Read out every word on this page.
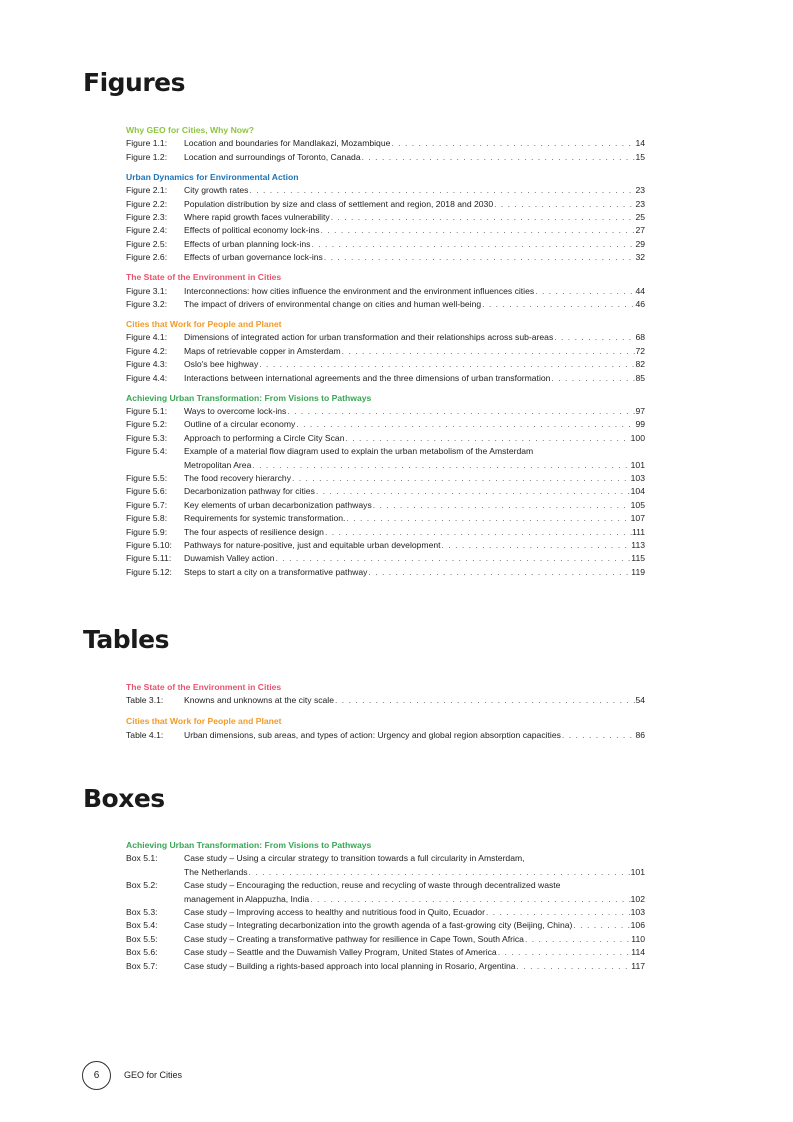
Figures
Why GEO for Cities, Why Now?
Figure 1.1:	Location and boundaries for Mandlakazi, Mozambique . . .	14
Figure 1.2:	Location and surroundings of Toronto, Canada . . .	15
Urban Dynamics for Environmental Action
Figure 2.1:	City growth rates . . .	23
Figure 2.2:	Population distribution by size and class of settlement and region, 2018 and 2030 . . .	23
Figure 2.3:	Where rapid growth faces vulnerability . . .	25
Figure 2.4:	Effects of political economy lock-ins . . .	27
Figure 2.5:	Effects of urban planning lock-ins . . .	29
Figure 2.6:	Effects of urban governance lock-ins . . .	32
The State of the Environment in Cities
Figure 3.1:	Interconnections: how cities influence the environment and the environment influences cities . . .	44
Figure 3.2:	The impact of drivers of environmental change on cities and human well-being . . .	46
Cities that Work for People and Planet
Figure 4.1:	Dimensions of integrated action for urban transformation and their relationships across sub-areas . . .	68
Figure 4.2:	Maps of retrievable copper in Amsterdam . . .	72
Figure 4.3:	Oslo's bee highway . . .	82
Figure 4.4:	Interactions between international agreements and the three dimensions of urban transformation . . .	85
Achieving Urban Transformation: From Visions to Pathways
Figure 5.1:	Ways to overcome lock-ins . . .	97
Figure 5.2:	Outline of a circular economy . . .	99
Figure 5.3:	Approach to performing a Circle City Scan . . .	100
Figure 5.4:	Example of a material flow diagram used to explain the urban metabolism of the Amsterdam
Metropolitan Area . . .	101
Figure 5.5:	The food recovery hierarchy . . .	103
Figure 5.6:	Decarbonization pathway for cities . . .	104
Figure 5.7:	Key elements of urban decarbonization pathways . . .	105
Figure 5.8:	Requirements for systemic transformation. . . .	107
Figure 5.9:	The four aspects of resilience design . . .	111
Figure 5.10:	Pathways for nature-positive, just and equitable urban development . . .	113
Figure 5.11:	Duwamish Valley action . . .	115
Figure 5.12:	Steps to start a city on a transformative pathway . . .	119
Tables
The State of the Environment in Cities
Table 3.1:	Knowns and unknowns at the city scale . . .	54
Cities that Work for People and Planet
Table 4.1:	Urban dimensions, sub areas, and types of action: Urgency and global region absorption capacities . . .	86
Boxes
Achieving Urban Transformation: From Visions to Pathways
Box 5.1:	Case study – Using a circular strategy to transition towards a full circularity in Amsterdam,
The Netherlands . . .	101
Box 5.2:	Case study – Encouraging the reduction, reuse and recycling of waste through decentralized waste
management in Alappuzha, India . . .	102
Box 5.3:	Case study – Improving access to healthy and nutritious food in Quito, Ecuador . . .	103
Box 5.4:	Case study – Integrating decarbonization into the growth agenda of a fast-growing city (Beijing, China) . . .	106
Box 5.5:	Case study – Creating a transformative pathway for resilience in Cape Town, South Africa . . .	110
Box 5.6:	Case study – Seattle and the Duwamish Valley Program, United States of America . . .	114
Box 5.7:	Case study – Building a rights-based approach into local planning in Rosario, Argentina . . .	117
6	GEO for Cities
